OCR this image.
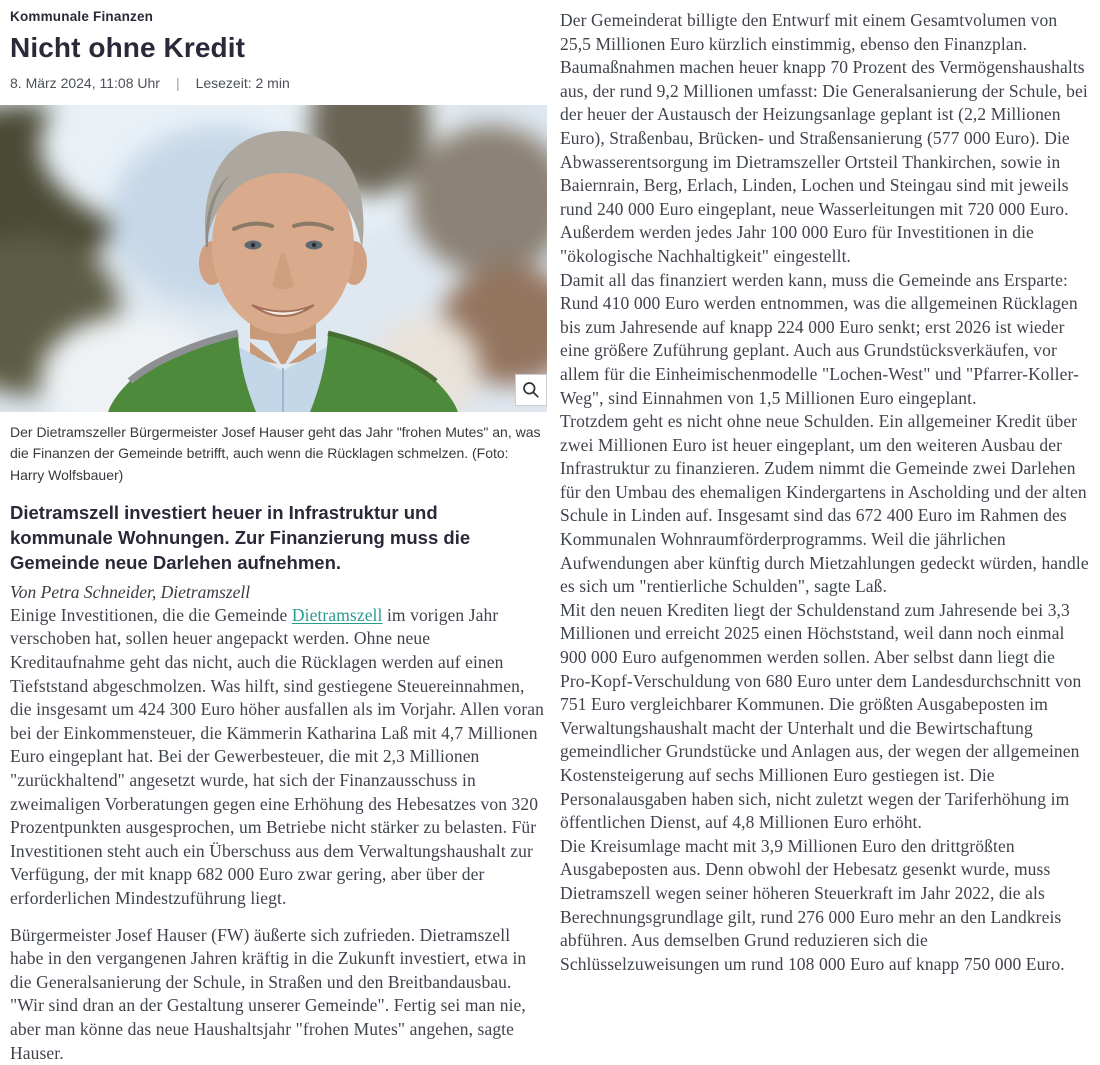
Kommunale Finanzen
Nicht ohne Kredit
8. März 2024, 11:08 Uhr | Lesezeit: 2 min
Der Dietramszeller Bürgermeister Josef Hauser geht das Jahr "frohen Mutes" an, was die Finanzen der Gemeinde betrifft, auch wenn die Rücklagen schmelzen. (Foto: Harry Wolfsbauer)
Dietramszell investiert heuer in Infrastruktur und kommunale Wohnungen. Zur Finanzierung muss die Gemeinde neue Darlehen aufnehmen.
Von Petra Schneider, Dietramszell

Einige Investitionen, die die Gemeinde Dietramszell im vorigen Jahr verschoben hat, sollen heuer angepackt werden. Ohne neue Kreditaufnahme geht das nicht, auch die Rücklagen werden auf einen Tiefststand abgeschmolzen. Was hilft, sind gestiegene Steuereinnahmen, die insgesamt um 424 300 Euro höher ausfallen als im Vorjahr. Allen voran bei der Einkommensteuer, die Kämmerin Katharina Laß mit 4,7 Millionen Euro eingeplant hat. Bei der Gewerbesteuer, die mit 2,3 Millionen "zurückhaltend" angesetzt wurde, hat sich der Finanzausschuss in zweimaligen Vorberatungen gegen eine Erhöhung des Hebesatzes von 320 Prozentpunkten ausgesprochen, um Betriebe nicht stärker zu belasten. Für Investitionen steht auch ein Überschuss aus dem Verwaltungshaushalt zur Verfügung, der mit knapp 682 000 Euro zwar gering, aber über der erforderlichen Mindestzuführung liegt.

Bürgermeister Josef Hauser (FW) äußerte sich zufrieden. Dietramszell habe in den vergangenen Jahren kräftig in die Zukunft investiert, etwa in die Generalsanierung der Schule, in Straßen und den Breitbandausbau. "Wir sind dran an der Gestaltung unserer Gemeinde". Fertig sei man nie, aber man könne das neue Haushaltsjahr "frohen Mutes" angehen, sagte Hauser.

Der Gemeinderat billigte den Entwurf mit einem Gesamtvolumen von 25,5 Millionen Euro kürzlich einstimmig, ebenso den Finanzplan.

Baumaßnahmen machen heuer knapp 70 Prozent des Vermögenshaushalts aus, der rund 9,2 Millionen umfasst: Die Generalsanierung der Schule, bei der heuer der Austausch der Heizungsanlage geplant ist (2,2 Millionen Euro), Straßenbau, Brücken- und Straßensanierung (577 000 Euro). Die Abwasserentsorgung im Dietramszeller Ortsteil Thankirchen, sowie in Baiernrain, Berg, Erlach, Linden, Lochen und Steingau sind mit jeweils rund 240 000 Euro eingeplant, neue Wasserleitungen mit 720 000 Euro. Außerdem werden jedes Jahr 100 000 Euro für Investitionen in die "ökologische Nachhaltigkeit" eingestellt.

Damit all das finanziert werden kann, muss die Gemeinde ans Ersparte: Rund 410 000 Euro werden entnommen, was die allgemeinen Rücklagen bis zum Jahresende auf knapp 224 000 Euro senkt; erst 2026 ist wieder eine größere Zuführung geplant. Auch aus Grundstücksverkäufen, vor allem für die Einheimischenmodelle "Lochen-West" und "Pfarrer-Koller-Weg", sind Einnahmen von 1,5 Millionen Euro eingeplant.

Trotzdem geht es nicht ohne neue Schulden. Ein allgemeiner Kredit über zwei Millionen Euro ist heuer eingeplant, um den weiteren Ausbau der Infrastruktur zu finanzieren. Zudem nimmt die Gemeinde zwei Darlehen für den Umbau des ehemaligen Kindergartens in Ascholding und der alten Schule in Linden auf. Insgesamt sind das 672 400 Euro im Rahmen des Kommunalen Wohnraumförderprogramms. Weil die jährlichen Aufwendungen aber künftig durch Mietzahlungen gedeckt würden, handle es sich um "rentierliche Schulden", sagte Laß.

Mit den neuen Krediten liegt der Schuldenstand zum Jahresende bei 3,3 Millionen und erreicht 2025 einen Höchststand, weil dann noch einmal 900 000 Euro aufgenommen werden sollen. Aber selbst dann liegt die Pro-Kopf-Verschuldung von 680 Euro unter dem Landesdurchschnitt von 751 Euro vergleichbarer Kommunen. Die größten Ausgabeposten im Verwaltungshaushalt macht der Unterhalt und die Bewirtschaftung gemeindlicher Grundstücke und Anlagen aus, der wegen der allgemeinen Kostensteigerung auf sechs Millionen Euro gestiegen ist. Die Personalausgaben haben sich, nicht zuletzt wegen der Tariferhöhung im öffentlichen Dienst, auf 4,8 Millionen Euro erhöht.

Die Kreisumlage macht mit 3,9 Millionen Euro den drittgrößten Ausgabeposten aus. Denn obwohl der Hebesatz gesenkt wurde, muss Dietramszell wegen seiner höheren Steuerkraft im Jahr 2022, die als Berechnungsgrundlage gilt, rund 276 000 Euro mehr an den Landkreis abführen. Aus demselben Grund reduzieren sich die Schlüsselzuweisungen um rund 108 000 Euro auf knapp 750 000 Euro.
